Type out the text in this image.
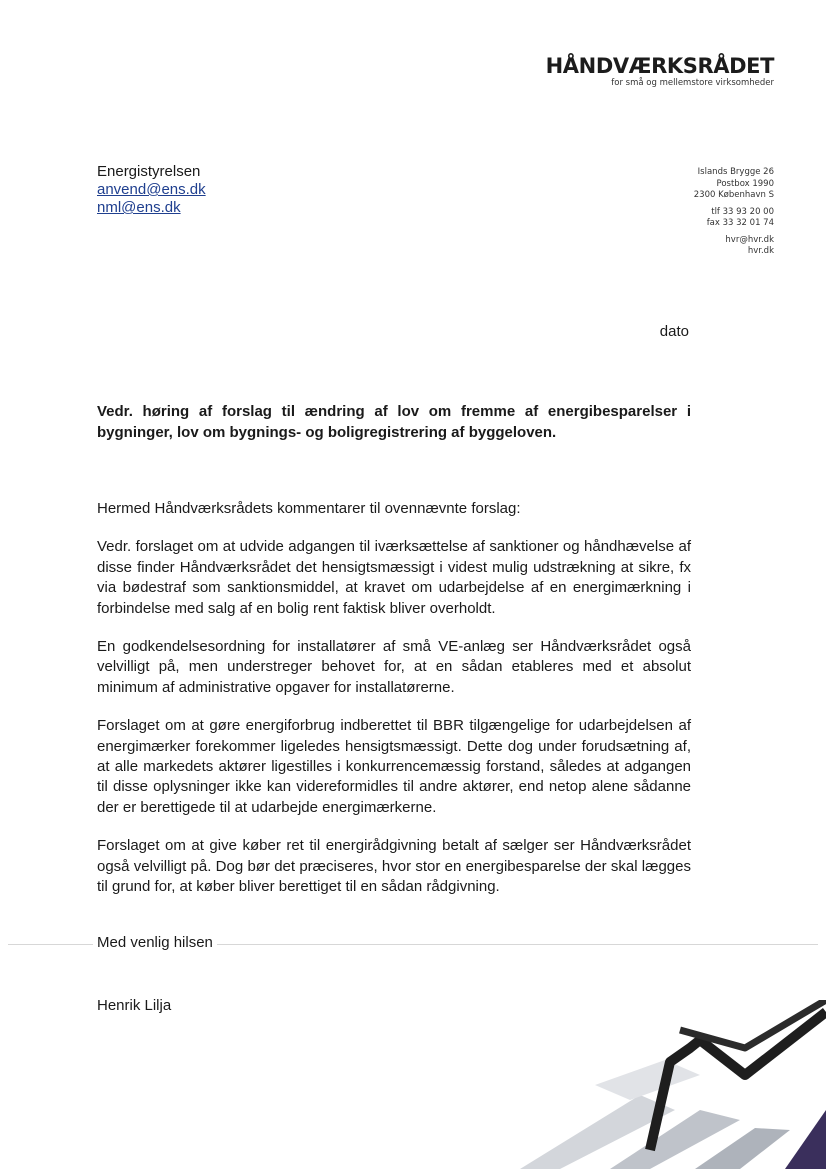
HÅNDVÆRKSRÅDET
for små og mellemstore virksomheder
Energistyrelsen
anvend@ens.dk
nml@ens.dk
Islands Brygge 26
Postbox 1990
2300 København S
tlf 33 93 20 00
fax 33 32 01 74
hvr@hvr.dk
hvr.dk
dato
Vedr. høring af forslag til ændring af lov om fremme af energibesparelser i bygninger, lov om bygnings- og boligregistrering af byggeloven.

Hermed Håndværksrådets kommentarer til ovennævnte forslag:

Vedr. forslaget om at udvide adgangen til iværksættelse af sanktioner og håndhævelse af disse finder Håndværksrådet det hensigtsmæssigt i videst mulig udstrækning at sikre, fx via bødestraf som sanktionsmiddel, at kravet om udarbejdelse af en energimærkning i forbindelse med salg af en bolig rent faktisk bliver overholdt.

En godkendelsesordning for installatører af små VE-anlæg ser Håndværksrådet også velvilligt på, men understreger behovet for, at en sådan etableres med et absolut minimum af administrative opgaver for installatørerne.

Forslaget om at gøre energiforbrug indberettet til BBR tilgængelige for udarbejdelsen af energimærker forekommer ligeledes hensigtsmæssigt. Dette dog under forudsætning af, at alle markedets aktører ligestilles i konkurrencemæssig forstand, således at adgangen til disse oplysninger ikke kan videreformidles til andre aktører, end netop alene sådanne der er berettigede til at udarbejde energimærkerne.

Forslaget om at give køber ret til energirådgivning betalt af sælger ser Håndværksrådet også velvilligt på. Dog bør det præciseres, hvor stor en energibesparelse der skal lægges til grund for, at køber bliver berettiget til en sådan rådgivning.

Med venlig hilsen
Henrik Lilja
